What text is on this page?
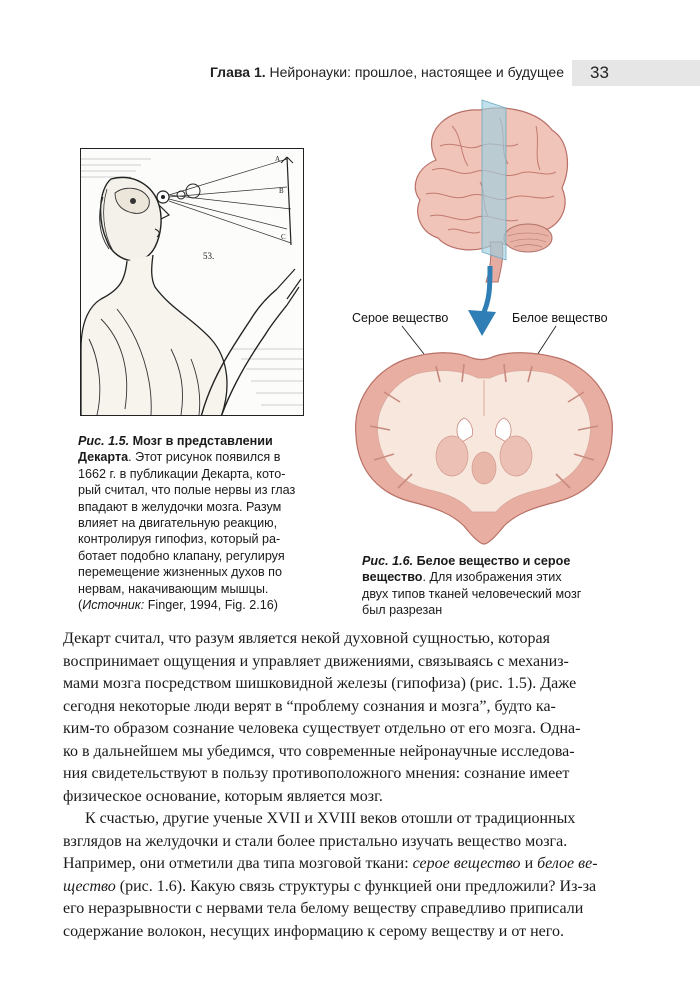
Глава 1. Нейронауки: прошлое, настоящее и будущее 33
A
B
C
53.
Рис. 1.5. Мозг в представлении
Декарта. Этот рисунок появился в
1662 г. в публикации Декарта, кото-
рый считал, что полые нервы из глаз
впадают в желудочки мозга. Разум
влияет на двигательную реакцию,
контролируя гипофиз, который ра-
ботает подобно клапану, регулируя
перемещение жизненных духов по
нервам, накачивающим мышцы.
(Источник: Finger, 1994, Fig. 2.16)
Серое вещество	Белое вещество
Рис. 1.6. Белое вещество и серое
вещество. Для изображения этих
двух типов тканей человеческий мозг
был разрезан
Декарт считал, что разум является некой духовной сущностью, которая
воспринимает ощущения и управляет движениями, связываясь с механиз-
мами мозга посредством шишковидной железы (гипофиза) (рис. 1.5). Даже
сегодня некоторые люди верят в “проблему сознания и мозга”, будто ка-
ким-то образом сознание человека существует отдельно от его мозга. Одна-
ко в дальнейшем мы убедимся, что современные нейронаучные исследова-
ния свидетельствуют в пользу противоположного мнения: сознание имеет
физическое основание, которым является мозг.
К счастью, другие ученые XVII и XVIII веков отошли от традиционных
взглядов на желудочки и стали более пристально изучать вещество мозга.
Например, они отметили два типа мозговой ткани: серое вещество и белое ве-
щество (рис. 1.6). Какую связь структуры с функцией они предложили? Из-за
его неразрывности с нервами тела белому веществу справедливо приписали
содержание волокон, несущих информацию к серому веществу и от него.
